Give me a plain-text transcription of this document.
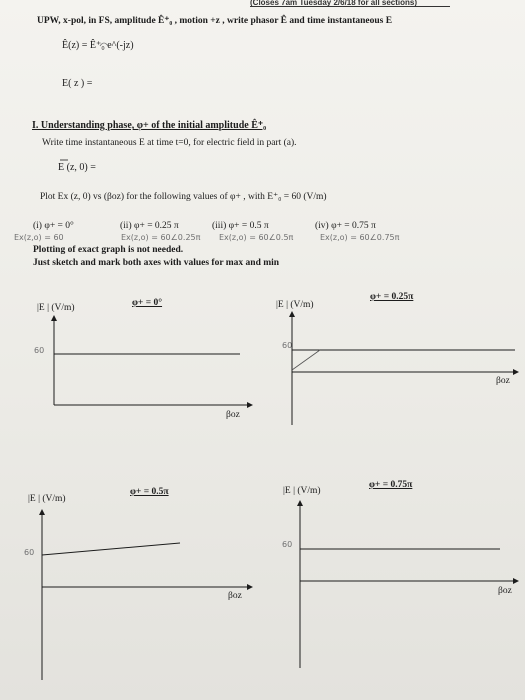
(Closes 7am Tuesday 2/6/18 for all sections)
UPW, x-pol, in FS, amplitude Ê⁺₀ , motion +z , write phasor Ê and time instantaneous E
Ê(z) = Ê⁺₀ e^(-jz)
E( z ) =
I. Understanding phase, φ+ of the initial amplitude Ê⁺₀
Write time instantaneous E at time t=0, for electric field in part (a).
E (z, 0) =
Plot Ex (z, 0) vs (βoz) for the following values of φ+ , with E⁺₀ = 60 (V/m)
(i) φ+ = 0°	(ii) φ+ = 0.25 π	(iii) φ+ = 0.5 π	(iv) φ+ = 0.75 π
Ex(z,o) = 60	Ex(z,o) = 60∠0.25π Ex(z,o) = 60∠0.5π	Ex(z,o) = 60∠0.75π
Plotting of exact graph is not needed.
Just sketch and mark both axes with values for max and min
|E | (V/m)	φ+ = 0°
βoz
60
|E | (V/m)
φ+ = 0.25π
βoz
60
|E | (V/m)
φ+ = 0.5π
βoz
60
|E | (V/m)
φ+ = 0.75π
βoz
60
